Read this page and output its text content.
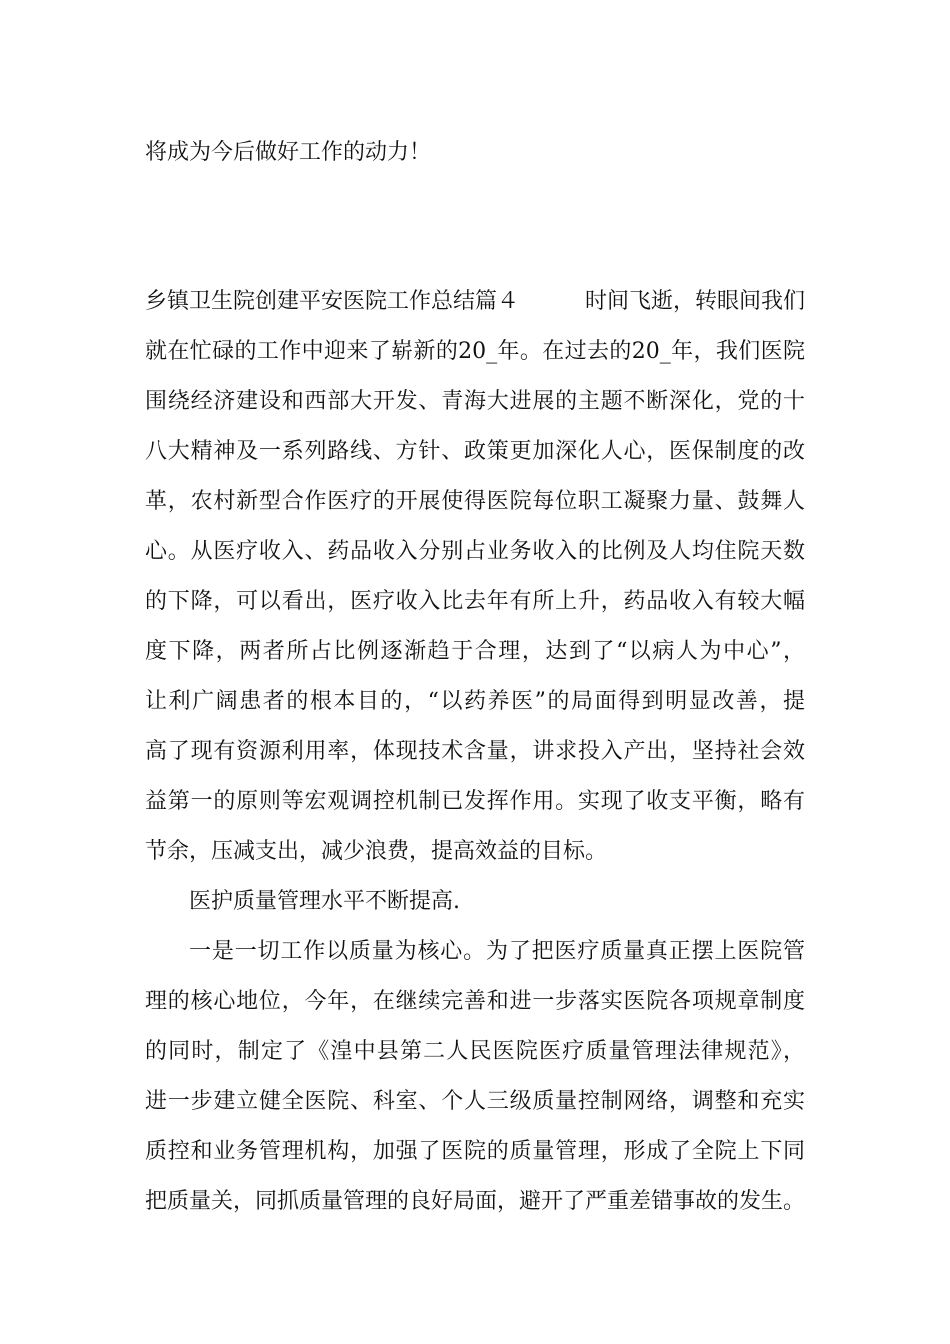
将成为今后做好工作的动力！
乡镇卫生院创建平安医院工作总结篇４　　　时间飞逝，转眼间我们
就在忙碌的工作中迎来了崭新的20_年。在过去的20_年，我们医院
围绕经济建设和西部大开发、青海大进展的主题不断深化，党的十
八大精神及一系列路线、方针、政策更加深化人心，医保制度的改
革，农村新型合作医疗的开展使得医院每位职工凝聚力量、鼓舞人
心。从医疗收入、药品收入分别占业务收入的比例及人均住院天数
的下降，可以看出，医疗收入比去年有所上升，药品收入有较大幅
度下降，两者所占比例逐渐趋于合理，达到了“以病人为中心”，
让利广阔患者的根本目的，“以药养医”的局面得到明显改善，提
高了现有资源利用率，体现技术含量，讲求投入产出，坚持社会效
益第一的原则等宏观调控机制已发挥作用。实现了收支平衡，略有
节余，压减支出，减少浪费，提高效益的目标。
医护质量管理水平不断提高.
一是一切工作以质量为核心。为了把医疗质量真正摆上医院管
理的核心地位，今年，在继续完善和进一步落实医院各项规章制度
的同时，制定了《湟中县第二人民医院医疗质量管理法律规范》，
进一步建立健全医院、科室、个人三级质量控制网络，调整和充实
质控和业务管理机构，加强了医院的质量管理，形成了全院上下同
把质量关，同抓质量管理的良好局面，避开了严重差错事故的发生。
